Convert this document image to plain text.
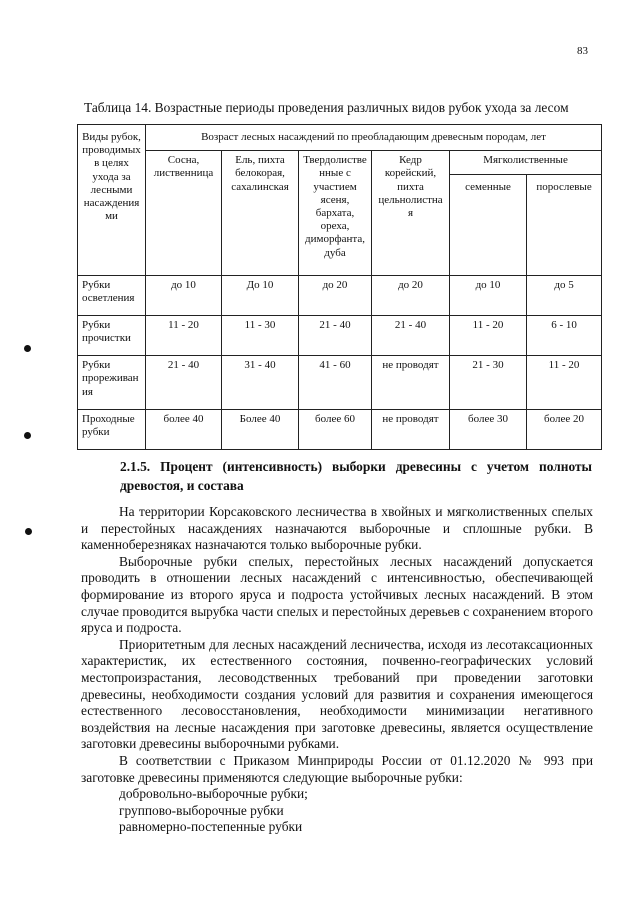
83
Таблица 14. Возрастные периоды проведения различных видов рубок ухода за лесом
Виды рубок, проводимых в целях ухода за лесными насаждения ми	Возраст лесных насаждений по преобладающим древесным породам, лет					
	Сосна, лиственница	Ель, пихта белокорая, сахалинская	Твердолистве нные с участием ясеня, бархата, ореха, диморфанта, дуба	Кедр корейский, пихта цельнолистна я	Мягколиственные	
					семенные	порослевые
Рубки осветления	до 10	До 10	до 20	до 20	до 10	до 5
Рубки прочистки	11 - 20	11 - 30	21 - 40	21 - 40	11 - 20	6 - 10
Рубки прореживан ия	21 - 40	31 - 40	41 - 60	не проводят	21 - 30	11 - 20
Проходные рубки	более 40	Более 40	более 60	не проводят	более 30	более 20
2.1.5. Процент (интенсивность) выборки древесины с учетом полноты древостоя, и состава

На территории Корсаковского лесничества в хвойных и мягколиственных спелых и перестойных насаждениях назначаются выборочные и сплошные рубки. В каменноберезняках назначаются только выборочные рубки.

Выборочные рубки спелых, перестойных лесных насаждений допускается проводить в отношении лесных насаждений с интенсивностью, обеспечивающей формирование из второго яруса и подроста устойчивых лесных насаждений. В этом случае проводится вырубка части спелых и перестойных деревьев с сохранением второго яруса и подроста.

Приоритетным для лесных насаждений лесничества, исходя из лесотаксационных характеристик, их естественного состояния, почвенно-географических условий местопроизрастания, лесоводственных требований при проведении заготовки древесины, необходимости создания условий для развития и сохранения имеющегося естественного лесовосстановления, необходимости минимизации негативного воздействия на лесные насаждения при заготовке древесины, является осуществление заготовки древесины выборочными рубками.

В соответствии с Приказом Минприроды России от 01.12.2020 № 993 при заготовке древесины применяются следующие выборочные рубки:

добровольно-выборочные рубки;

группово-выборочные рубки

равномерно-постепенные рубки
